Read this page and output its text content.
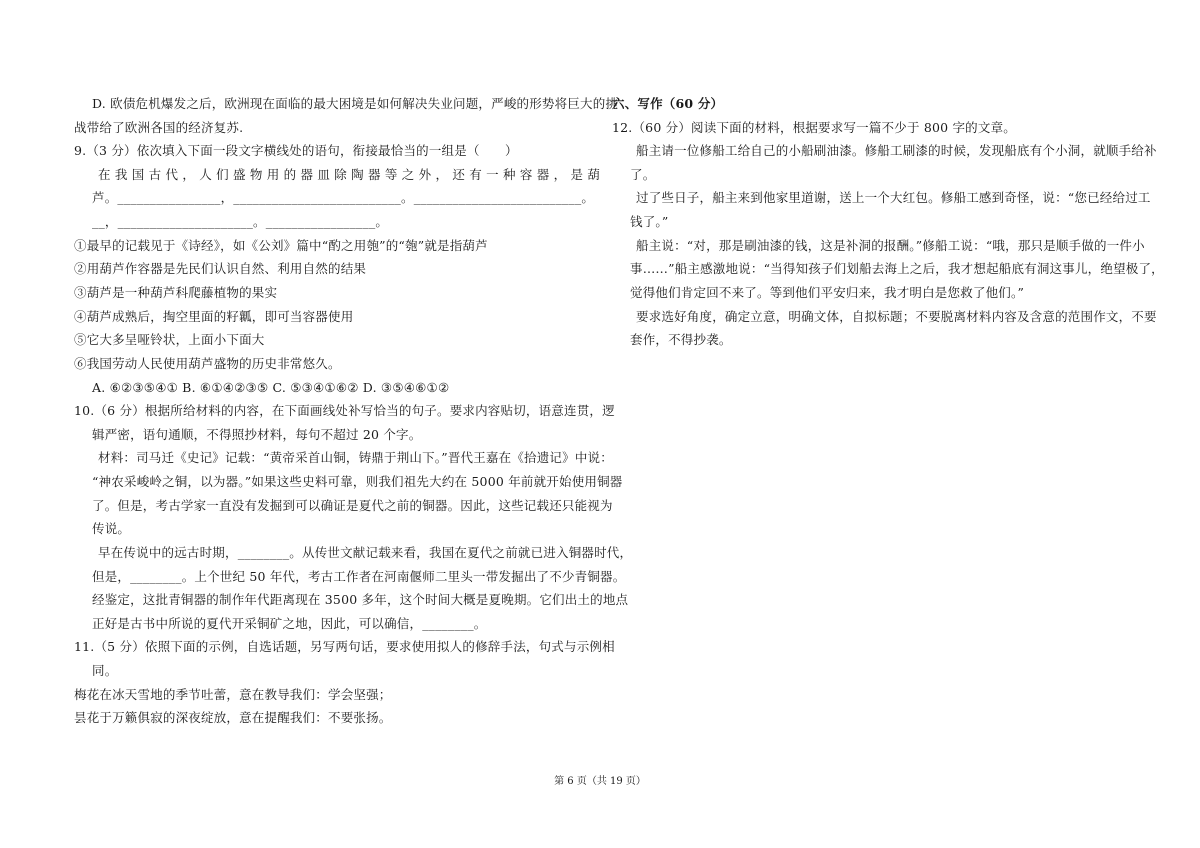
D. 欧债危机爆发之后，欧洲现在面临的最大困境是如何解决失业问题，严峻的形势将巨大的挑
战带给了欧洲各国的经济复苏.
9.（3 分）依次填入下面一段文字横线处的语句，衔接最恰当的一组是（　　）
在 我 国 古 代 ， 人 们 盛 物 用 的 器 皿 除 陶 器 等 之 外 ， 还 有 一 种 容 器 ， 是 葫
芦。________________，__________________________。__________________________。
__，_____________________。_________________。
①最早的记载见于《诗经》，如《公刘》篇中“酌之用匏”的“匏”就是指葫芦
②用葫芦作容器是先民们认识自然、利用自然的结果
③葫芦是一种葫芦科爬藤植物的果实
④葫芦成熟后，掏空里面的籽瓤，即可当容器使用
⑤它大多呈哑铃状，上面小下面大
⑥我国劳动人民使用葫芦盛物的历史非常悠久。
A. ⑥②③⑤④① B. ⑥①④②③⑤ C. ⑤③④①⑥② D. ③⑤④⑥①②
10.（6 分）根据所给材料的内容，在下面画线处补写恰当的句子。要求内容贴切，语意连贯，逻
辑严密，语句通顺，不得照抄材料，每句不超过 20 个字。
材料：司马迁《史记》记载：“黄帝采首山铜，铸鼎于荆山下。”晋代王嘉在《拾遗记》中说：
“神农采峻岭之铜，以为器。”如果这些史料可靠，则我们祖先大约在 5000 年前就开始使用铜器
了。但是，考古学家一直没有发掘到可以确证是夏代之前的铜器。因此，这些记载还只能视为
传说。
早在传说中的远古时期，________。从传世文献记载来看，我国在夏代之前就已进入铜器时代，
但是，________。上个世纪 50 年代，考古工作者在河南偃师二里头一带发掘出了不少青铜器。
经鉴定，这批青铜器的制作年代距离现在 3500 多年，这个时间大概是夏晚期。它们出土的地点
正好是古书中所说的夏代开采铜矿之地，因此，可以确信，________。
11.（5 分）依照下面的示例，自选话题，另写两句话，要求使用拟人的修辞手法，句式与示例相
同。
梅花在冰天雪地的季节吐蕾，意在教导我们：学会坚强；
昙花于万籁俱寂的深夜绽放，意在提醒我们：不要张扬。
六、写作（60 分）
12.（60 分）阅读下面的材料，根据要求写一篇不少于 800 字的文章。
船主请一位修船工给自己的小船刷油漆。修船工刷漆的时候，发现船底有个小洞，就顺手给补
了。
过了些日子，船主来到他家里道谢，送上一个大红包。修船工感到奇怪，说：“您已经给过工
钱了。”
船主说：“对，那是刷油漆的钱，这是补洞的报酬。”修船工说：“哦，那只是顺手做的一件小
事……”船主感激地说：“当得知孩子们划船去海上之后，我才想起船底有洞这事儿，绝望极了，
觉得他们肯定回不来了。等到他们平安归来，我才明白是您救了他们。”
要求选好角度，确定立意，明确文体，自拟标题；不要脱离材料内容及含意的范围作文，不要
套作，不得抄袭。
第 6 页（共 19 页）
